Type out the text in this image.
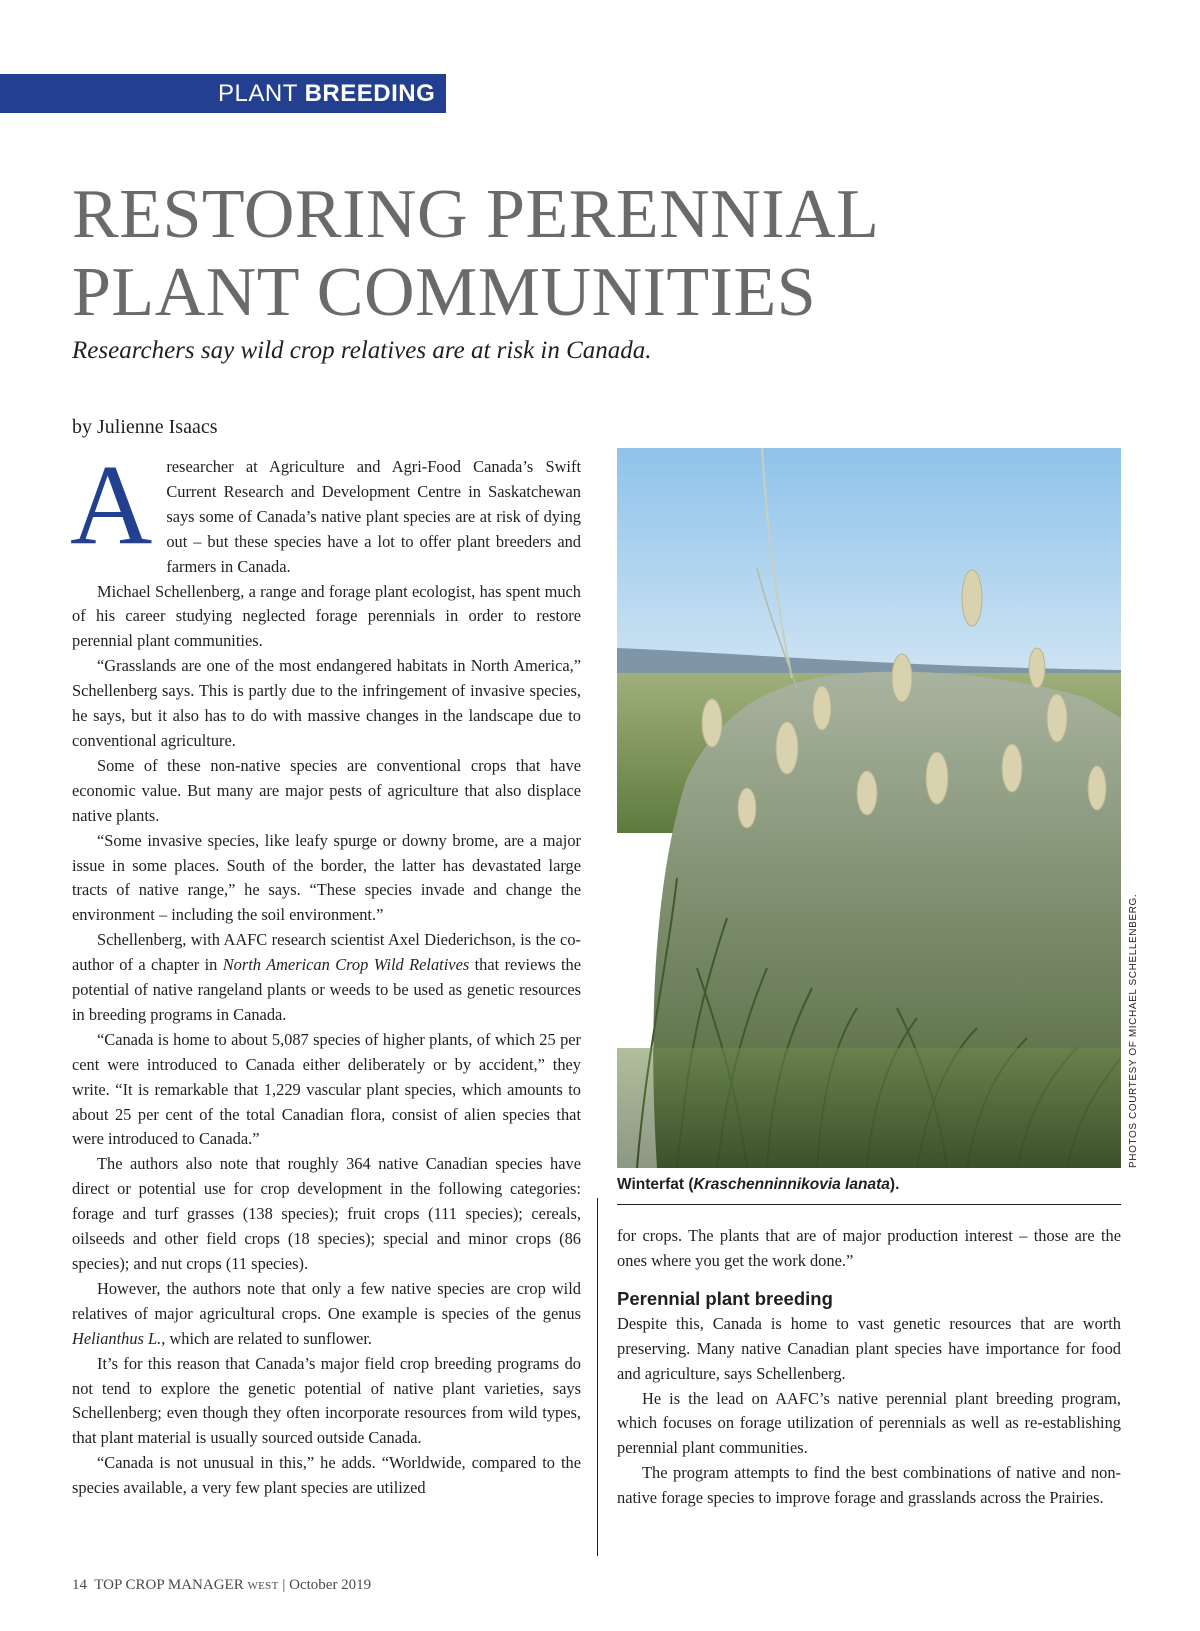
PLANT BREEDING
RESTORING PERENNIAL
PLANT COMMUNITIES

Researchers say wild crop relatives are at risk in Canada.

by Julienne Isaacs

Aresearcher at Agriculture and Agri-Food Canada’s Swift Current Research and Development Centre in Saskatchewan says some of Canada’s native plant species are at risk of dying out – but these species have a lot to offer plant breeders and farmers in Canada.

Michael Schellenberg, a range and forage plant ecologist, has spent much of his career studying neglected forage perennials in order to restore perennial plant communities.

“Grasslands are one of the most endangered habitats in North America,” Schellenberg says. This is partly due to the infringement of invasive species, he says, but it also has to do with massive changes in the landscape due to conventional agriculture.

Some of these non-native species are conventional crops that have economic value. But many are major pests of agriculture that also displace native plants.

“Some invasive species, like leafy spurge or downy brome, are a major issue in some places. South of the border, the latter has devastated large tracts of native range,” he says. “These species invade and change the environment – including the soil environment.”

Schellenberg, with AAFC research scientist Axel Diederichson, is the co-author of a chapter in North American Crop Wild Relatives that reviews the potential of native rangeland plants or weeds to be used as genetic resources in breeding programs in Canada.

“Canada is home to about 5,087 species of higher plants, of which 25 per cent were introduced to Canada either deliberately or by accident,” they write. “It is remarkable that 1,229 vascular plant species, which amounts to about 25 per cent of the total Canadian flora, consist of alien species that were introduced to Canada.”

The authors also note that roughly 364 native Canadian species have direct or potential use for crop development in the following categories: forage and turf grasses (138 species); fruit crops (111 species); cereals, oilseeds and other field crops (18 species); special and minor crops (86 species); and nut crops (11 species).

However, the authors note that only a few native species are crop wild relatives of major agricultural crops. One example is species of the genus Helianthus L., which are related to sunflower.

It’s for this reason that Canada’s major field crop breeding programs do not tend to explore the genetic potential of native plant varieties, says Schellenberg; even though they often incorporate resources from wild types, that plant material is usually sourced outside Canada.

“Canada is not unusual in this,” he adds. “Worldwide, compared to the species available, a very few plant species are utilized

PHOTOS COURTESY OF MICHAEL SCHELLENBERG.
Winterfat (Kraschenninnikovia lanata).

for crops. The plants that are of major production interest – those are the ones where you get the work done.”

Perennial plant breeding

Despite this, Canada is home to vast genetic resources that are worth preserving. Many native Canadian plant species have importance for food and agriculture, says Schellenberg.

He is the lead on AAFC’s native perennial plant breeding program, which focuses on forage utilization of perennials as well as re-establishing perennial plant communities.

The program attempts to find the best combinations of native and non-native forage species to improve forage and grasslands across the Prairies.

14 TOP CROP MANAGER WEST | October 2019
